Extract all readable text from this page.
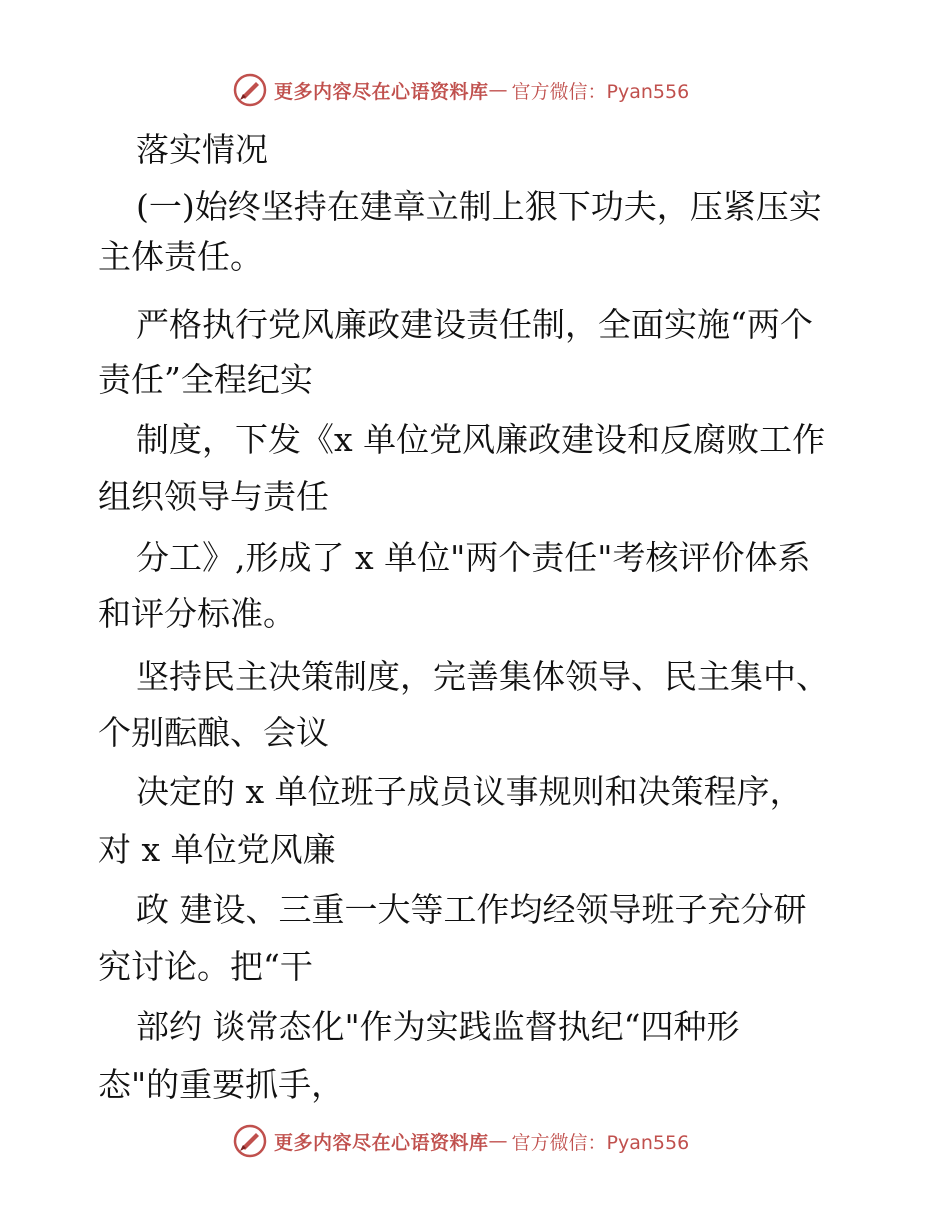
更多内容尽在心语资料库 — 官方微信：Pyan556
落实情况
(一)始终坚持在建章立制上狠下功夫，压紧压实
主体责任。
严格执行党风廉政建设责任制，全面实施“两个
责任”全程纪实
制度，下发《x 单位党风廉政建设和反腐败工作
组织领导与责任
分工》,形成了 x 单位"两个责任"考核评价体系
和评分标准。
坚持民主决策制度，完善集体领导、民主集中、
个别酝酿、会议
决定的 x 单位班子成员议事规则和决策程序，
对 x 单位党风廉
政 建设、三重一大等工作均经领导班子充分研
究讨论。把“干
部约 谈常态化"作为实践监督执纪“四种形
态"的重要抓手，
更多内容尽在心语资料库 — 官方微信：Pyan556
